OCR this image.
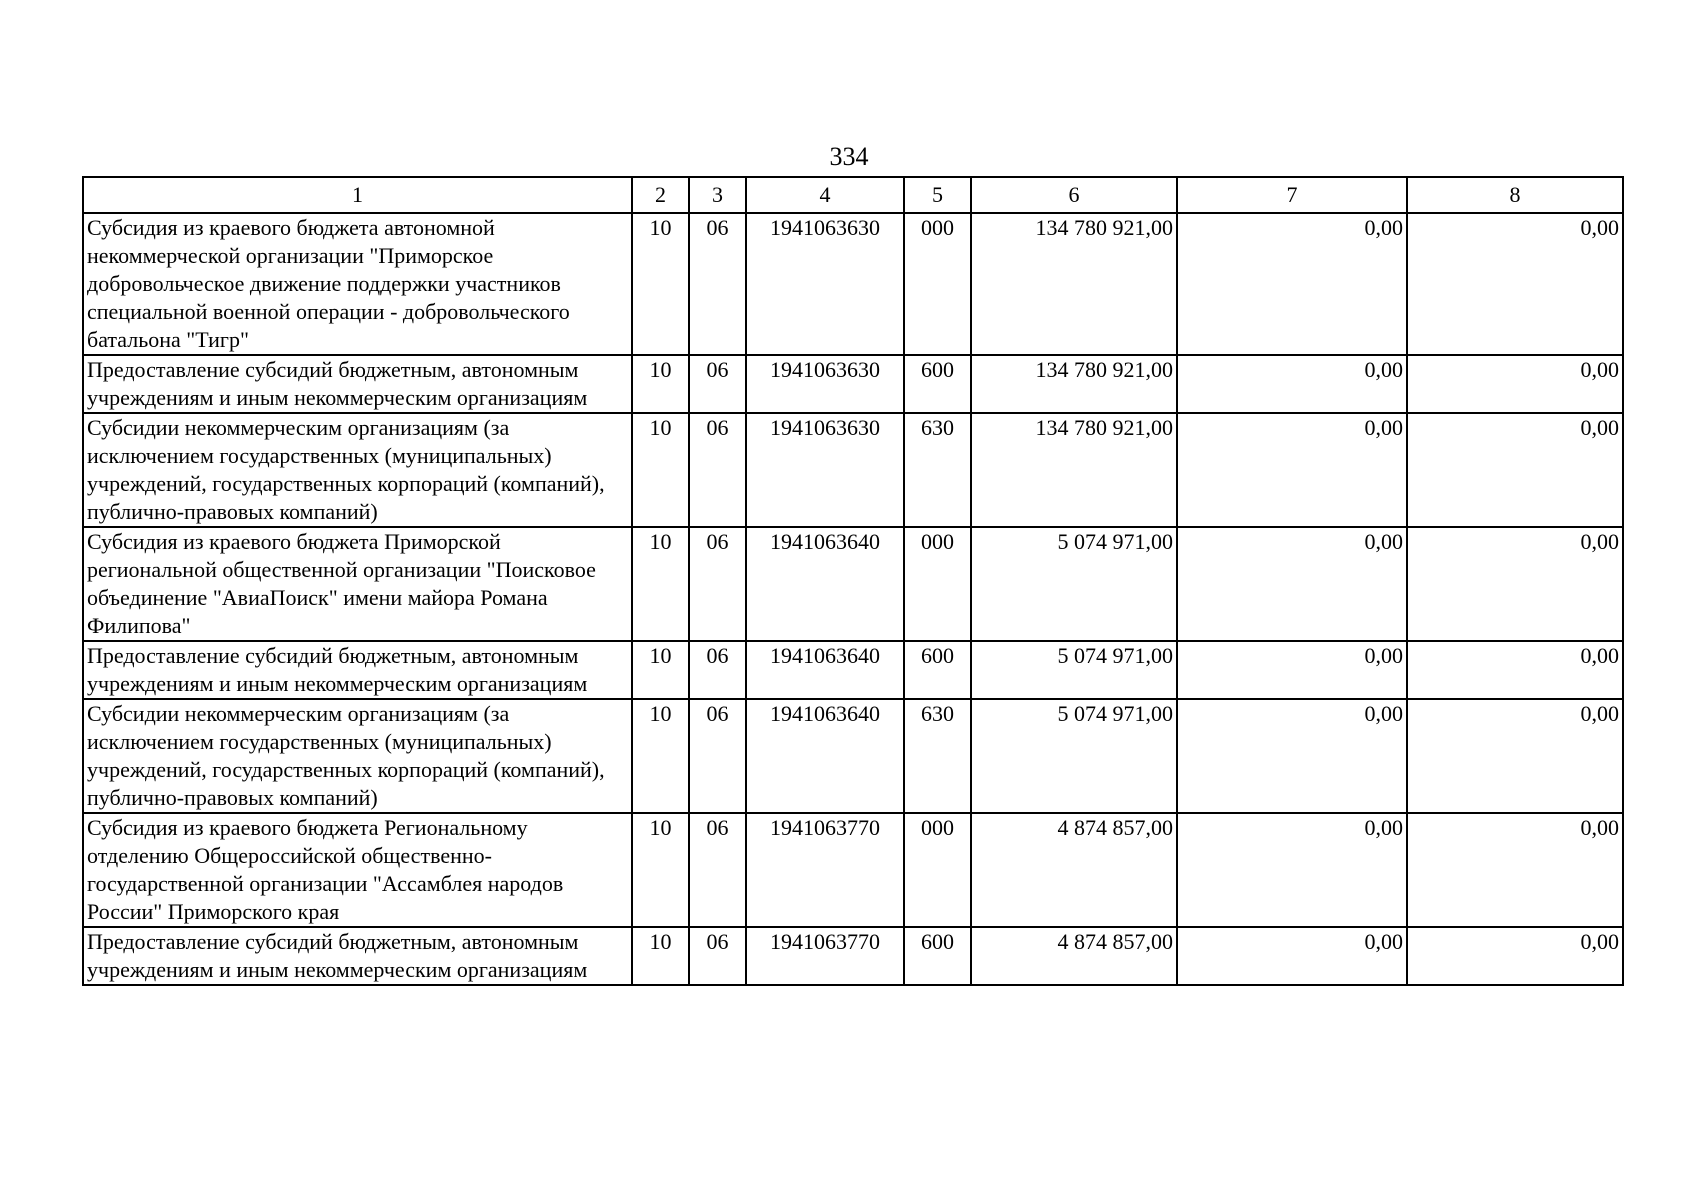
334
1	2	3	4	5	6	7	8
Субсидия из краевого бюджета автономной некоммерческой организации "Приморское добровольческое движение поддержки участников специальной военной операции - добровольческого батальона "Тигр"	10	06	1941063630	000	134 780 921,00	0,00	0,00
Предоставление субсидий бюджетным, автономным учреждениям и иным некоммерческим организациям	10	06	1941063630	600	134 780 921,00	0,00	0,00
Субсидии некоммерческим организациям (за исключением государственных (муниципальных) учреждений, государственных корпораций (компаний), публично-правовых компаний)	10	06	1941063630	630	134 780 921,00	0,00	0,00
Субсидия из краевого бюджета Приморской региональной общественной организации "Поисковое объединение "АвиаПоиск" имени майора Романа Филипова"	10	06	1941063640	000	5 074 971,00	0,00	0,00
Предоставление субсидий бюджетным, автономным учреждениям и иным некоммерческим организациям	10	06	1941063640	600	5 074 971,00	0,00	0,00
Субсидии некоммерческим организациям (за исключением государственных (муниципальных) учреждений, государственных корпораций (компаний), публично-правовых компаний)	10	06	1941063640	630	5 074 971,00	0,00	0,00
Субсидия из краевого бюджета Региональному отделению Общероссийской общественно-государственной организации "Ассамблея народов России" Приморского края	10	06	1941063770	000	4 874 857,00	0,00	0,00
Предоставление субсидий бюджетным, автономным учреждениям и иным некоммерческим организациям	10	06	1941063770	600	4 874 857,00	0,00	0,00
